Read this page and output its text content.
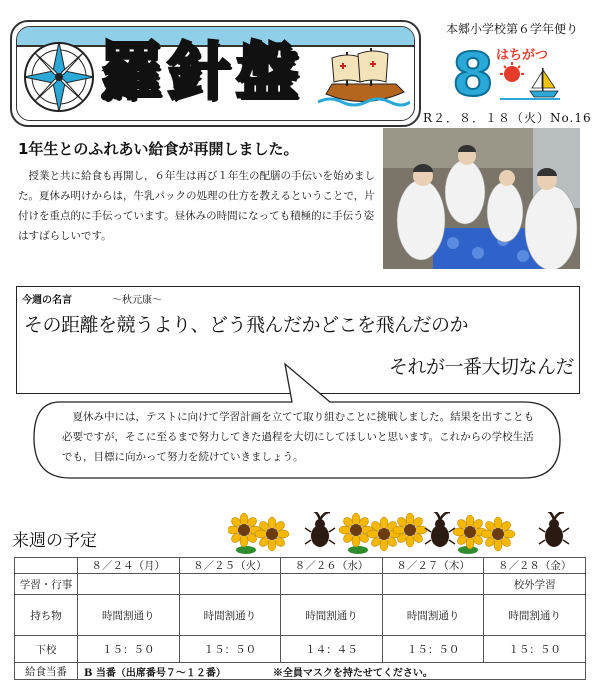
羅針盤
本郷小学校第６学年便り
8 はちがつ
R２．８．１８（火）No.16
1年生とのふれあい給食が再開しました。
授業と共に給食も再開し，６年生は再び１年生の配膳の手伝いを始めました。夏休み明けからは，牛乳パックの処理の仕方を教えるということで，片付けを重点的に手伝っています。昼休みの時間になっても積極的に手伝う姿はすばらしいです。
今週の名言	～秋元康～
その距離を競うより、どう飛んだかどこを飛んだのか
それが一番大切なんだ
夏休み中には，テストに向けて学習計画を立てて取り組むことに挑戦しました。結果を出すことも必要ですが，そこに至るまで努力してきた過程を大切にしてほしいと思います。これからの学校生活でも，目標に向かって努力を続けていきましょう。
来週の予定
	８／２４（月）	８／２５（火）	８／２６（水）	８／２７（木）	８／２８（金）
学習・行事					校外学習
持ち物	時間割通り	時間割通り	時間割通り	時間割通り	時間割通り
下校	１５：５０	１５：５０	１４：４５	１５：５０	１５：５０
給食当番	B 当番（出席番号７～１２番） ※全員マスクを持たせてください。				
